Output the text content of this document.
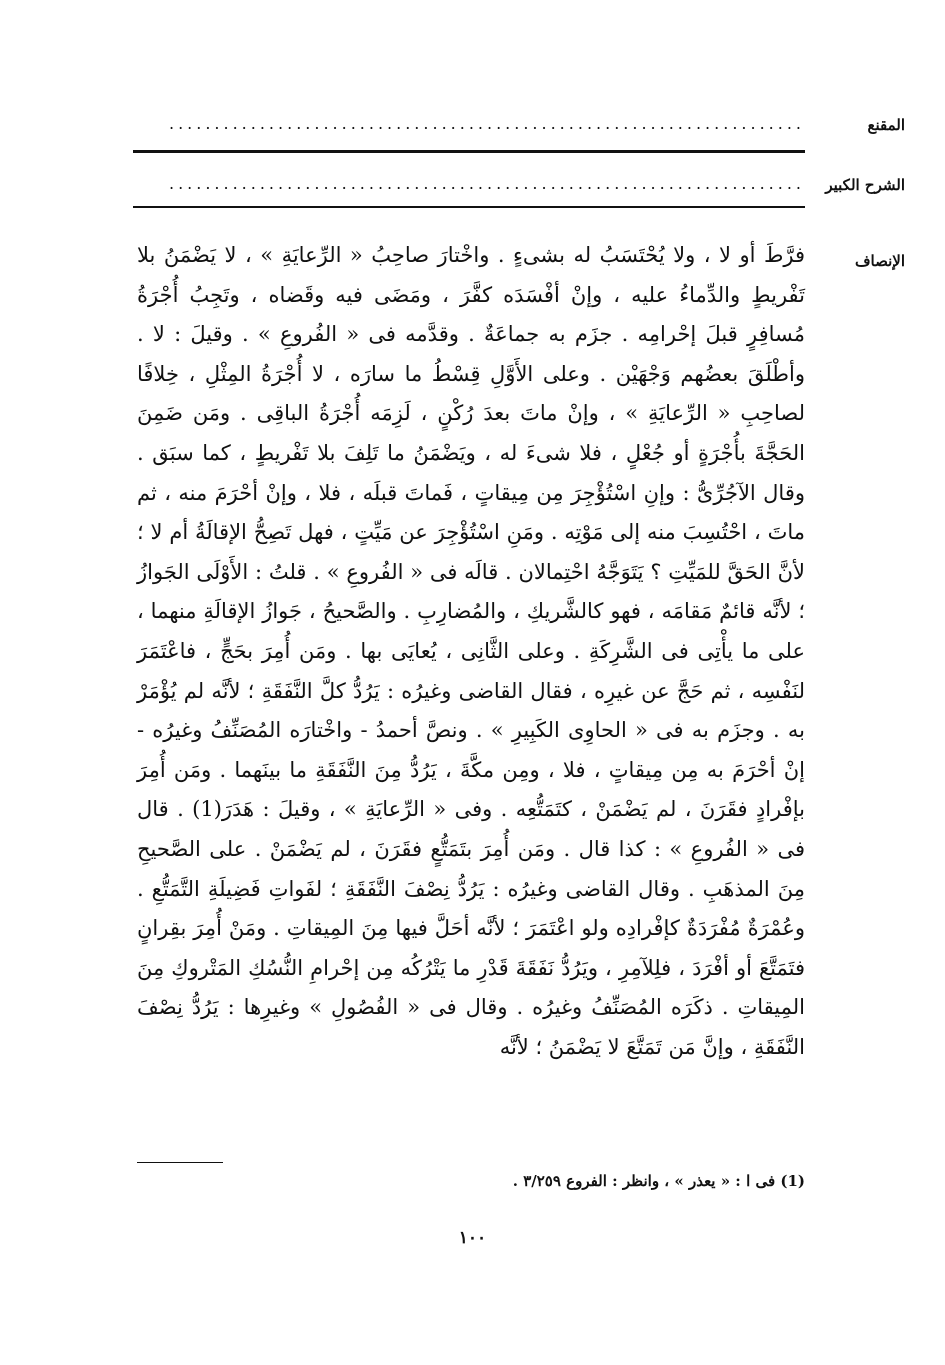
المقنع
......................................................................
الشرح الكبير
......................................................................
الإنصاف

فرَّطَ أو لا ، ولا يُحْتَسَبُ له بشىءٍ . واخْتارَ صاحِبُ « الرِّعايَةِ » ، لا يَضْمَنُ بلا تَفْريطٍ والدِّماءُ عليه ، وإنْ أفْسَدَه كفَّرَ ، ومَضَى فيه وقَضاه ، وتَجِبُ أُجْرَةُ مُسافِرٍ قبلَ إحْرامِه . جزَم به جماعَةٌ . وقدَّمه فى « الفُروعِ » . وقيلَ : لا . وأطْلَقَ بعضُهم وَجْهَيْن . وعلى الأَوَّلِ قِسْطُ ما سارَه ، لا أُجْرَةُ المِثْلِ ، خِلافًا لصاحِبِ « الرِّعايَةِ » ، وإنْ ماتَ بعدَ رُكْنٍ ، لَزِمَه أُجْرَةُ الباقِى . ومَن ضَمِنَ الحَجَّةَ بأُجْرَةٍ أو جُعْلٍ ، فلا شىءَ له ، ويَضْمَنُ ما تَلِفَ بلا تَفْريطٍ ، كما سبَق . وقال الآجُرِّىُّ : وإنِ اسْتُؤْجِرَ مِن مِيقاتٍ ، فَماتَ قبلَه ، فلا ، وإنْ أحْرَمَ منه ، ثم ماتَ ، احْتُسِبَ منه إلى مَوْتِه . ومَنِ اسْتُؤْجِرَ عن مَيِّتٍ ، فهل تَصِحُّ الإقالَةُ أم لا ؛ لأنَّ الحَقَّ للمَيِّتِ ؟ يَتَوَجَّهُ احْتِمالان . قالَه فى « الفُروعِ » . قلتُ : الأَوْلَى الجَوازُ ؛ لأنَّه قائمٌ مَقامَه ، فهو كالشَّريكِ ، والمُضارِبِ . والصَّحيحُ ، جَوازُ الإقالَةِ منهما ، على ما يأْتِى فى الشَّرِكَةِ . وعلى الثَّانِى ، يُعايَى بها . ومَن أُمِرَ بحَجٍّ ، فاعْتَمَرَ لنَفْسِه ، ثم حَجَّ عن غيرِه ، فقال القاضى وغيرُه : يَرُدُّ كلَّ النَّفَقَةِ ؛ لأنَّه لم يُؤْمَرْ به . وجزَم به فى « الحاوِى الكَبِيرِ » . ونصَّ أحمدُ - واخْتارَه المُصَنِّفُ وغيرُه - إنْ أحْرَمَ به مِن مِيقاتٍ ، فلا ، ومِن مكَّةَ ، يَرُدُّ مِنَ النَّفَقَةِ ما بينَهما . ومَن أُمِرَ بإفْرادٍ فقَرَنَ ، لم يَضْمَنْ ، كتَمَتُّعِه . وفى « الرِّعايَةِ » ، وقيلَ : هَدَرَ(1) . قال فى « الفُروعِ » : كذا قال . ومَن أُمِرَ بتَمَتُّعٍ فقَرَنَ ، لم يَضْمَنْ . على الصَّحيحِ مِنَ المذهَبِ . وقال القاضى وغيرُه : يَرُدُّ نِصْفَ النَّفَقَةِ ؛ لفَواتِ فَضِيلَةِ التَّمَتُّعِ . وعُمْرَةٌ مُفْرَدَةٌ كإفْرادِه ولو اعْتَمَرَ ؛ لأنَّه أحَلَّ فيها مِنَ المِيقاتِ . ومَنْ أُمِرَ بقِرانٍ فتَمَتَّعَ أو أفْرَدَ ، فلِلآمِرِ ، ويَرُدُّ نَفَقَةَ قَدْرِ ما يَتْرُكُه مِن إحْرامِ النُّسُكِ المَتْروكِ مِنَ المِيقاتِ . ذكَرَه المُصَنِّفُ وغيرُه . وقال فى « الفُصُولِ » وغيرِها : يَرُدُّ نِصْفَ النَّفَقَةِ ، وإنَّ مَن تَمَتَّعَ لا يَضْمَنُ ؛ لأنَّه

(1) فى ا : « يعذر » ، وانظر : الفروع ٣/٢٥٩ .
١٠٠
